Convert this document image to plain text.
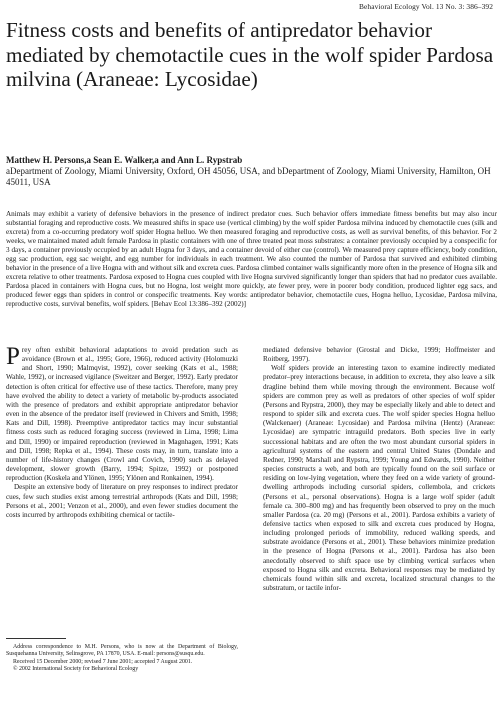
Behavioral Ecology Vol. 13 No. 3: 386–392
Fitness costs and benefits of antipredator behavior mediated by chemotactile cues in the wolf spider Pardosa milvina (Araneae: Lycosidae)
Matthew H. Persons,a Sean E. Walker,a and Ann L. Rypstrab
aDepartment of Zoology, Miami University, Oxford, OH 45056, USA, and bDepartment of Zoology, Miami University, Hamilton, OH 45011, USA

Animals may exhibit a variety of defensive behaviors in the presence of indirect predator cues. Such behavior offers immediate fitness benefits but may also incur substantial foraging and reproductive costs. We measured shifts in space use (vertical climbing) by the wolf spider Pardosa milvina induced by chemotactile cues (silk and excreta) from a co-occurring predatory wolf spider Hogna helluo. We then measured foraging and reproductive costs, as well as survival benefits, of this behavior. For 2 weeks, we maintained mated adult female Pardosa in plastic containers with one of three treated peat moss substrates: a container previously occupied by a conspecific for 3 days, a container previously occupied by an adult Hogna for 3 days, and a container devoid of either cue (control). We measured prey capture efficiency, body condition, egg sac production, egg sac weight, and egg number for individuals in each treatment. We also counted the number of Pardosa that survived and exhibited climbing behavior in the presence of a live Hogna with and without silk and excreta cues. Pardosa climbed container walls significantly more often in the presence of Hogna silk and excreta relative to other treatments. Pardosa exposed to Hogna cues coupled with live Hogna survived significantly longer than spiders that had no predator cues available. Pardosa placed in containers with Hogna cues, but no Hogna, lost weight more quickly, ate fewer prey, were in poorer body condition, produced lighter egg sacs, and produced fewer eggs than spiders in control or conspecific treatments. Key words: antipredator behavior, chemotactile cues, Hogna helluo, Lycosidae, Pardosa milvina, reproductive costs, survival benefits, wolf spiders. [Behav Ecol 13:386–392 (2002)]

Prey often exhibit behavioral adaptations to avoid predation such as avoidance (Brown et al., 1995; Gore, 1966), reduced activity (Holomuzki and Short, 1990; Malmqvist, 1992), cover seeking (Kats et al., 1988; Wahle, 1992), or increased vigilance (Sweitzer and Berger, 1992). Early predator detection is often critical for effective use of these tactics. Therefore, many prey have evolved the ability to detect a variety of metabolic by-products associated with the presence of predators and exhibit appropriate antipredator behavior even in the absence of the predator itself (reviewed in Chivers and Smith, 1998; Kats and Dill, 1998). Preemptive antipredator tactics may incur substantial fitness costs such as reduced foraging success (reviewed in Lima, 1998; Lima and Dill, 1990) or impaired reproduction (reviewed in Magnhagen, 1991; Kats and Dill, 1998; Repka et al., 1994). These costs may, in turn, translate into a number of life-history changes (Crowl and Covich, 1990) such as delayed development, slower growth (Barry, 1994; Spitze, 1992) or postponed reproduction (Koskela and Ylönen, 1995; Ylönen and Ronkainen, 1994).

Despite an extensive body of literature on prey responses to indirect predator cues, few such studies exist among terrestrial arthropods (Kats and Dill, 1998; Persons et al., 2001; Venzon et al., 2000), and even fewer studies document the costs incurred by arthropods exhibiting chemical or tactile-

mediated defensive behavior (Grostal and Dicke, 1999; Hoffmeister and Roitberg, 1997).

Wolf spiders provide an interesting taxon to examine indirectly mediated predator–prey interactions because, in addition to excreta, they also leave a silk dragline behind them while moving through the environment. Because wolf spiders are common prey as well as predators of other species of wolf spider (Persons and Rypstra, 2000), they may be especially likely and able to detect and respond to spider silk and excreta cues. The wolf spider species Hogna helluo (Walckenaer) (Araneae: Lycosidae) and Pardosa milvina (Hentz) (Araneae: Lycosidae) are sympatric intraguild predators. Both species live in early successional habitats and are often the two most abundant cursorial spiders in agricultural systems of the eastern and central United States (Dondale and Redner, 1990; Marshall and Rypstra, 1999; Young and Edwards, 1990). Neither species constructs a web, and both are typically found on the soil surface or residing on low-lying vegetation, where they feed on a wide variety of ground-dwelling arthropods including cursorial spiders, collembola, and crickets (Persons et al., personal observations). Hogna is a large wolf spider (adult female ca. 300–800 mg) and has frequently been observed to prey on the much smaller Pardosa (ca. 20 mg) (Persons et al., 2001). Pardosa exhibits a variety of defensive tactics when exposed to silk and excreta cues produced by Hogna, including prolonged periods of immobility, reduced walking speeds, and substrate avoidance (Persons et al., 2001). These behaviors minimize predation in the presence of Hogna (Persons et al., 2001). Pardosa has also been anecdotally observed to shift space use by climbing vertical surfaces when exposed to Hogna silk and excreta. Behavioral responses may be mediated by chemicals found within silk and excreta, localized structural changes to the substratum, or tactile infor-

Address correspondence to M.H. Persons, who is now at the Department of Biology, Susquehanna University, Selinsgrove, PA 17870, USA. E-mail: persons@susqu.edu.

Received 15 December 2000; revised 7 June 2001; accepted 7 August 2001.

© 2002 International Society for Behavioral Ecology
